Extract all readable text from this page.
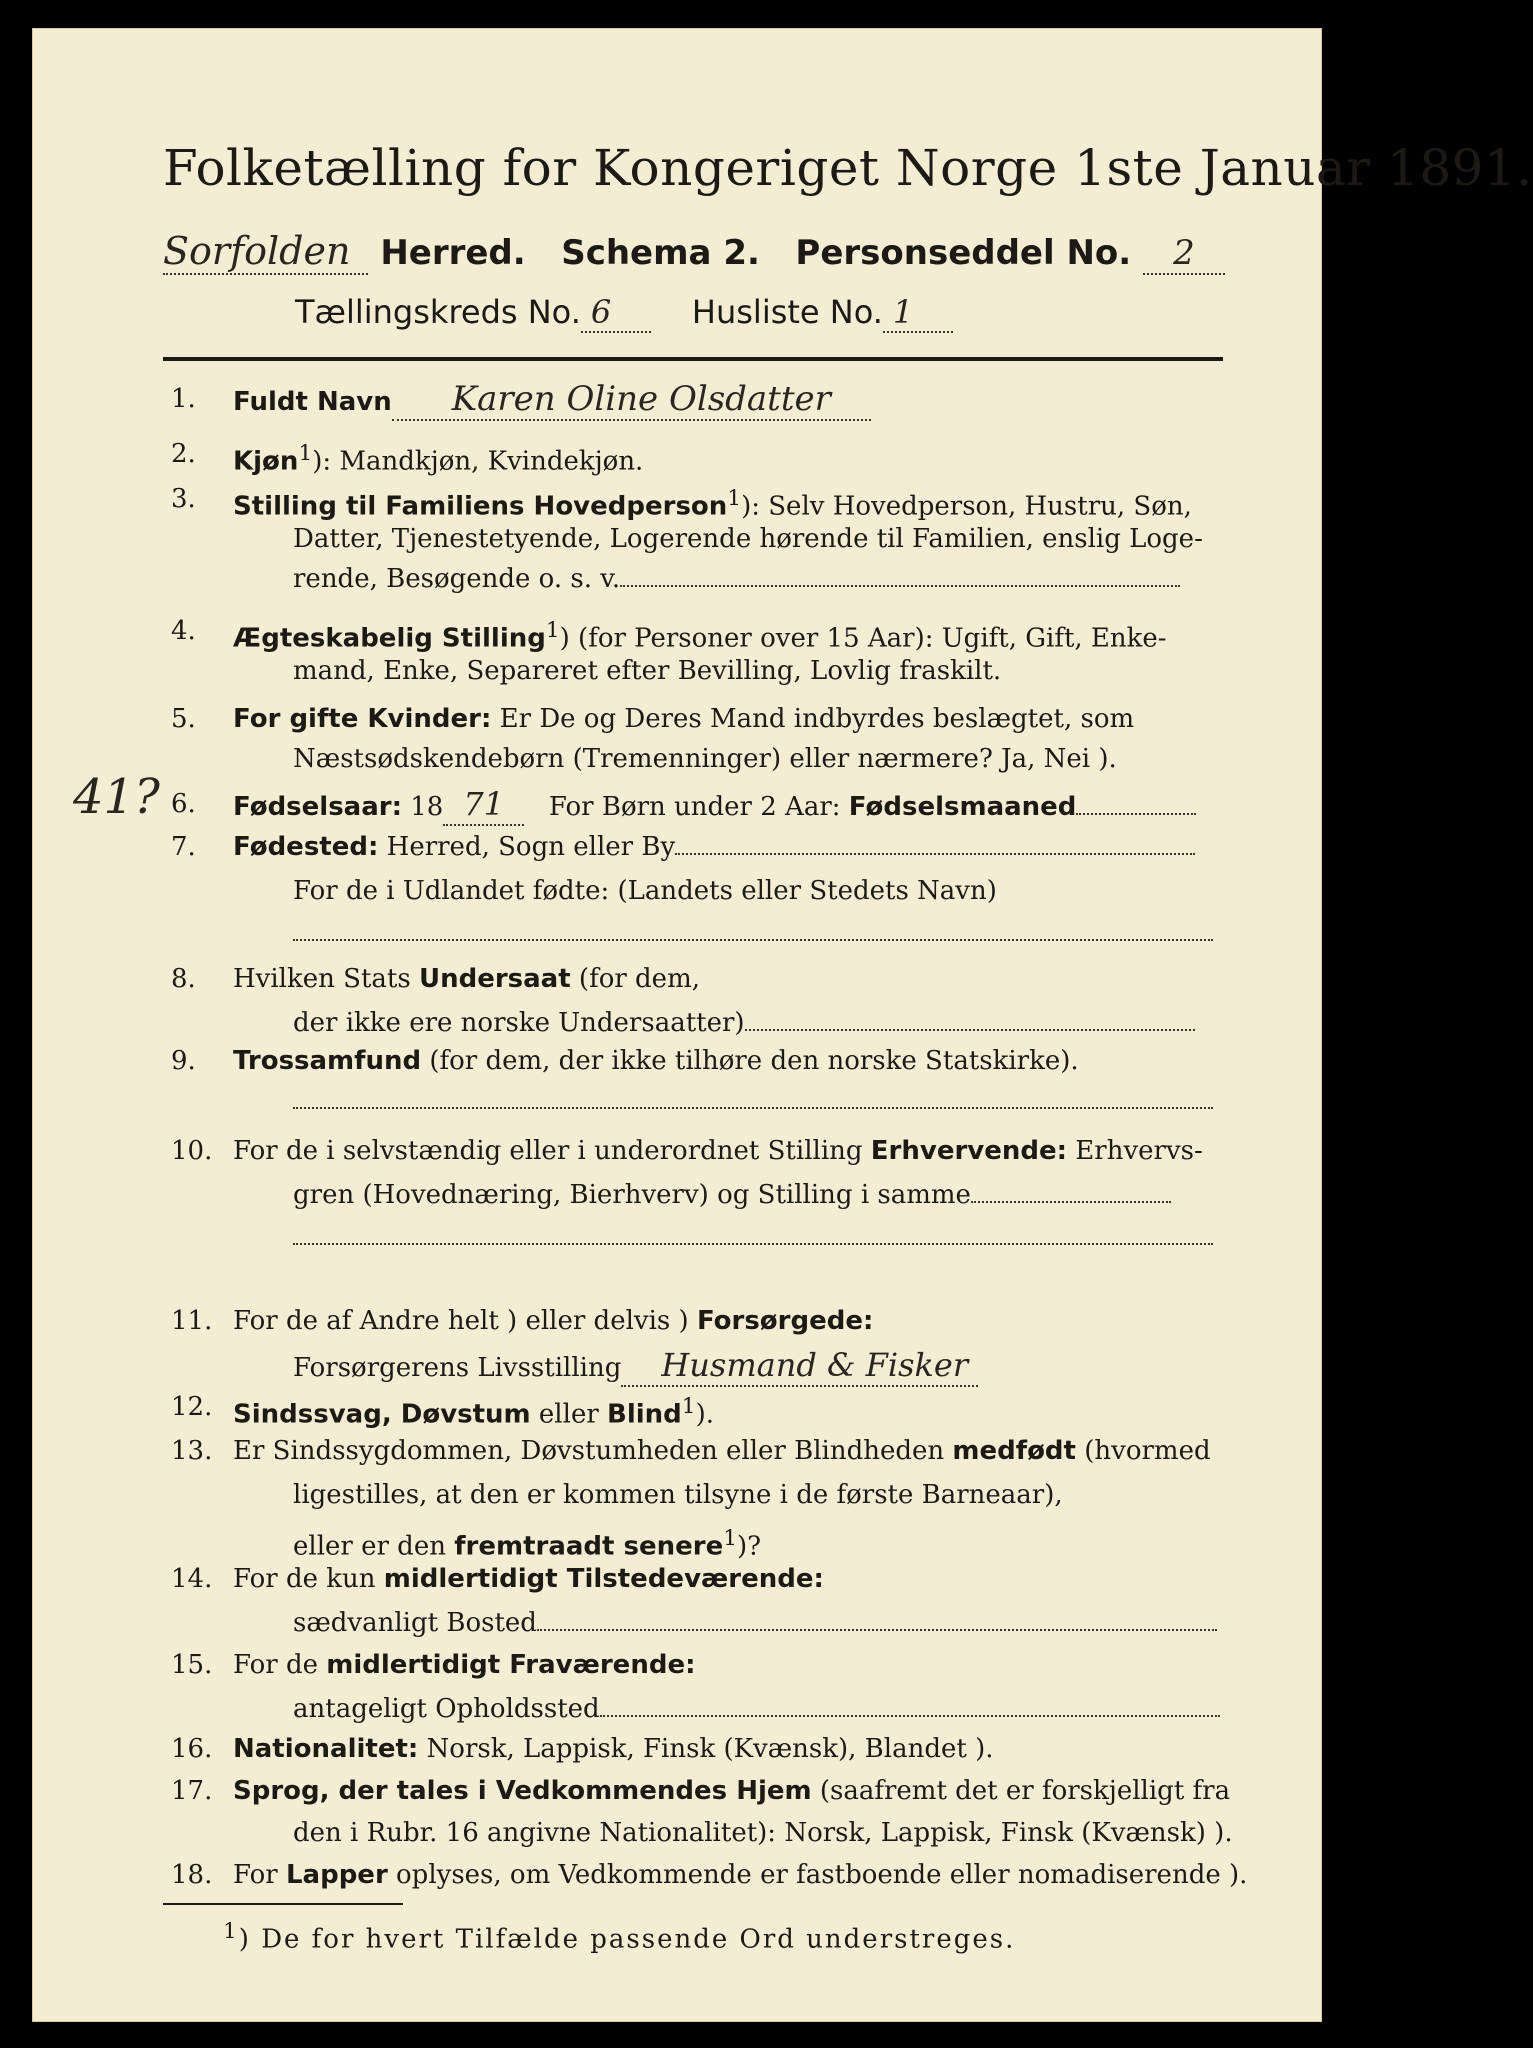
Folketælling for Kongeriget Norge 1ste Januar 1891.
Sorfolden Herred. Schema 2. Personseddel No. 2
Tællingskreds No. 6	Husliste No. 1
41?
1. Fuldt Navn Karen Oline Olsdatter
2. Kjøn$^1$): Mandkjøn, Kvindekjøn.
3. Stilling til Familiens Hovedperson$^1$): Selv Hovedperson, Hustru, Søn,
Datter, Tjenestetyende, Logerende hørende til Familien, enslig Loge-
rende, Besøgende o. s. v.
4. Ægteskabelig Stilling$^1$) (for Personer over 15 Aar): Ugift, Gift, Enke-
mand, Enke, Separeret efter Bevilling, Lovlig fraskilt.
5. For gifte Kvinder: Er De og Deres Mand indbyrdes beslægtet, som
Næstsødskendebørn (Tremenninger) eller nærmere? Ja, Nei ).
6. Fødselsaar: 18 71 For Børn under 2 Aar: Fødselsmaaned
7. Fødested: Herred, Sogn eller By
For de i Udlandet fødte: (Landets eller Stedets Navn)
8. Hvilken Stats Undersaat (for dem,
der ikke ere norske Undersaatter)
9. Trossamfund (for dem, der ikke tilhøre den norske Statskirke).
10. For de i selvstændig eller i underordnet Stilling Erhvervende: Erhvervs-
gren (Hovednæring, Bierhverv) og Stilling i samme
11. For de af Andre helt ) eller delvis ) Forsørgede:
Forsørgerens Livsstilling Husmand & Fisker
12. Sindssvag, Døvstum eller Blind$^1$).
13. Er Sindssygdommen, Døvstumheden eller Blindheden medfødt (hvormed
ligestilles, at den er kommen tilsyne i de første Barneaar),
eller er den fremtraadt senere$^1$)?
14. For de kun midlertidigt Tilstedeværende:
sædvanligt Bosted
15. For de midlertidigt Fraværende:
antageligt Opholdssted
16. Nationalitet: Norsk, Lappisk, Finsk (Kvænsk), Blandet ).
17. Sprog, der tales i Vedkommendes Hjem (saafremt det er forskjelligt fra
den i Rubr. 16 angivne Nationalitet): Norsk, Lappisk, Finsk (Kvænsk) ).
18. For Lapper oplyses, om Vedkommende er fastboende eller nomadiserende ).
$^1$) De for hvert Tilfælde passende Ord understreges.
